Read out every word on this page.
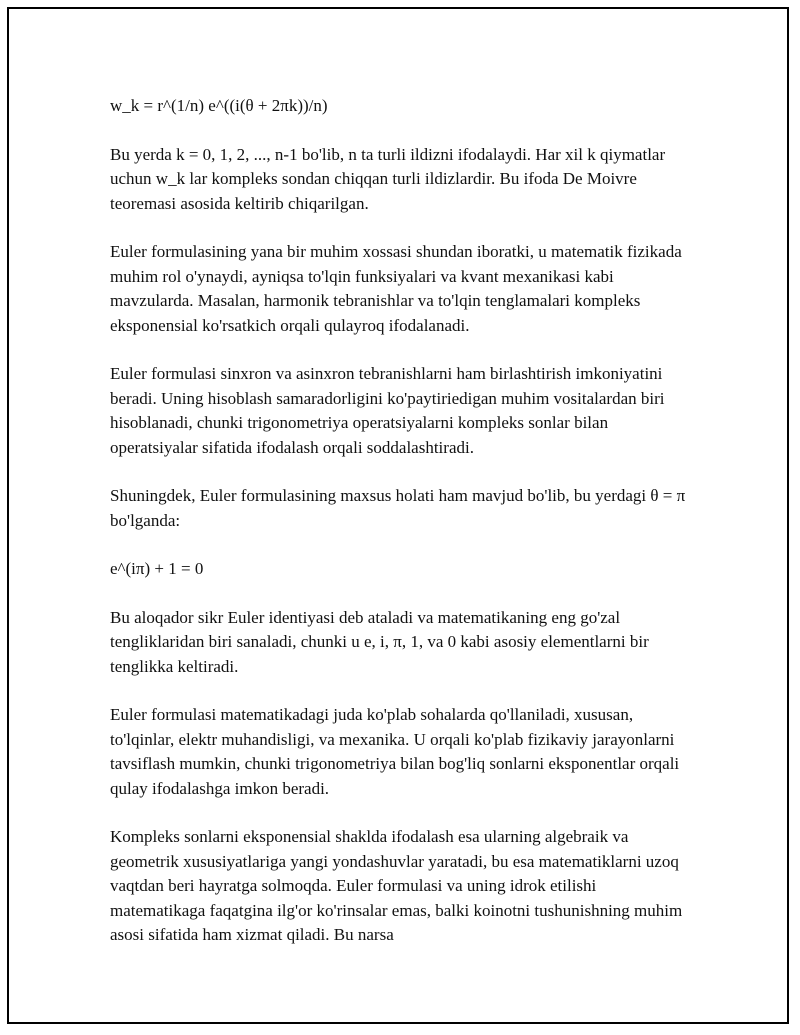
w_k = r^(1/n) e^((i(θ + 2πk))/n)

Bu yerda k = 0, 1, 2, ..., n-1 bo'lib, n ta turli ildizni ifodalaydi. Har xil k qiymatlar uchun w_k lar kompleks sondan chiqqan turli ildizlardir. Bu ifoda De Moivre teoremasi asosida keltirib chiqarilgan.

Euler formulasining yana bir muhim xossasi shundan iboratki, u matematik fizikada muhim rol o'ynaydi, ayniqsa to'lqin funksiyalari va kvant mexanikasi kabi mavzularda. Masalan, harmonik tebranishlar va to'lqin tenglamalari kompleks eksponensial ko'rsatkich orqali qulayroq ifodalanadi.

Euler formulasi sinxron va asinxron tebranishlarni ham birlashtirish imkoniyatini beradi. Uning hisoblash samaradorligini ko'paytiriedigan muhim vositalardan biri hisoblanadi, chunki trigonometriya operatsiyalarni kompleks sonlar bilan operatsiyalar sifatida ifodalash orqali soddalashtiradi.

Shuningdek, Euler formulasining maxsus holati ham mavjud bo'lib, bu yerdagi θ = π bo'lganda:

e^(iπ) + 1 = 0

Bu aloqador sikr Euler identiyasi deb ataladi va matematikaning eng go'zal tengliklaridan biri sanaladi, chunki u e, i, π, 1, va 0 kabi asosiy elementlarni bir tenglikka keltiradi.

Euler formulasi matematikadagi juda ko'plab sohalarda qo'llaniladi, xususan, to'lqinlar, elektr muhandisligi, va mexanika. U orqali ko'plab fizikaviy jarayonlarni tavsiflash mumkin, chunki trigonometriya bilan bog'liq sonlarni eksponentlar orqali qulay ifodalashga imkon beradi.

Kompleks sonlarni eksponensial shaklda ifodalash esa ularning algebraik va geometrik xususiyatlariga yangi yondashuvlar yaratadi, bu esa matematiklarni uzoq vaqtdan beri hayratga solmoqda. Euler formulasi va uning idrok etilishi matematikaga faqatgina ilg'or ko'rinsalar emas, balki koinotni tushunishning muhim asosi sifatida ham xizmat qiladi. Bu narsa
